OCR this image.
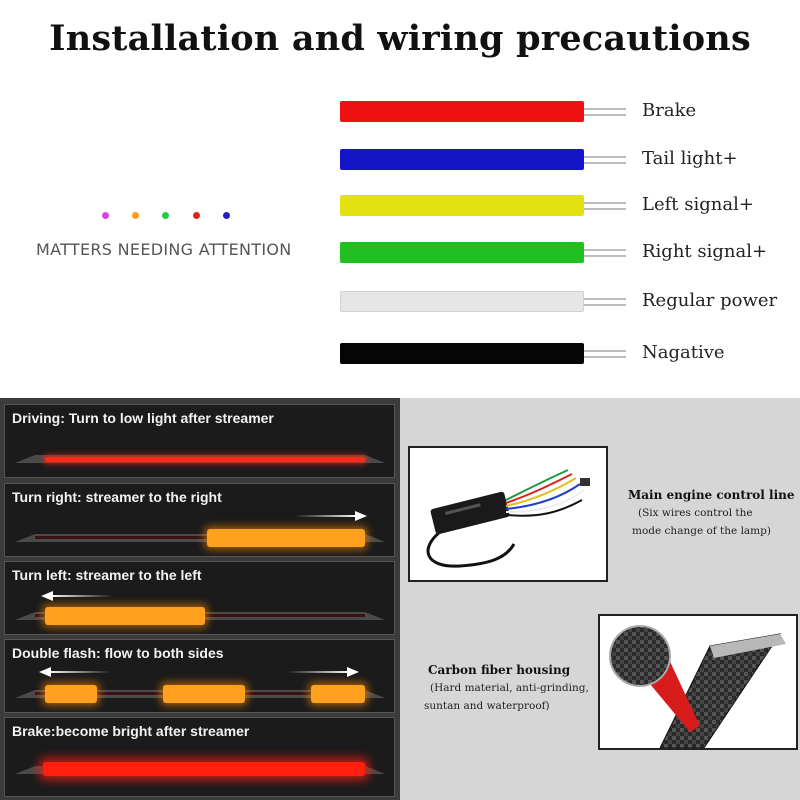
Installation and wiring precautions
MATTERS NEEDING ATTENTION
Brake
Tail light+
Left signal+
Right signal+
Regular power
Nagative
Driving: Turn to low light after streamer
Turn right: streamer to the right
Turn left: streamer to the left
Double flash: flow to both sides
Brake:become bright after streamer
Main engine control line
(Six wires control the
mode change of the lamp)
Carbon fiber housing
(Hard material, anti-grinding,
suntan and waterproof)
